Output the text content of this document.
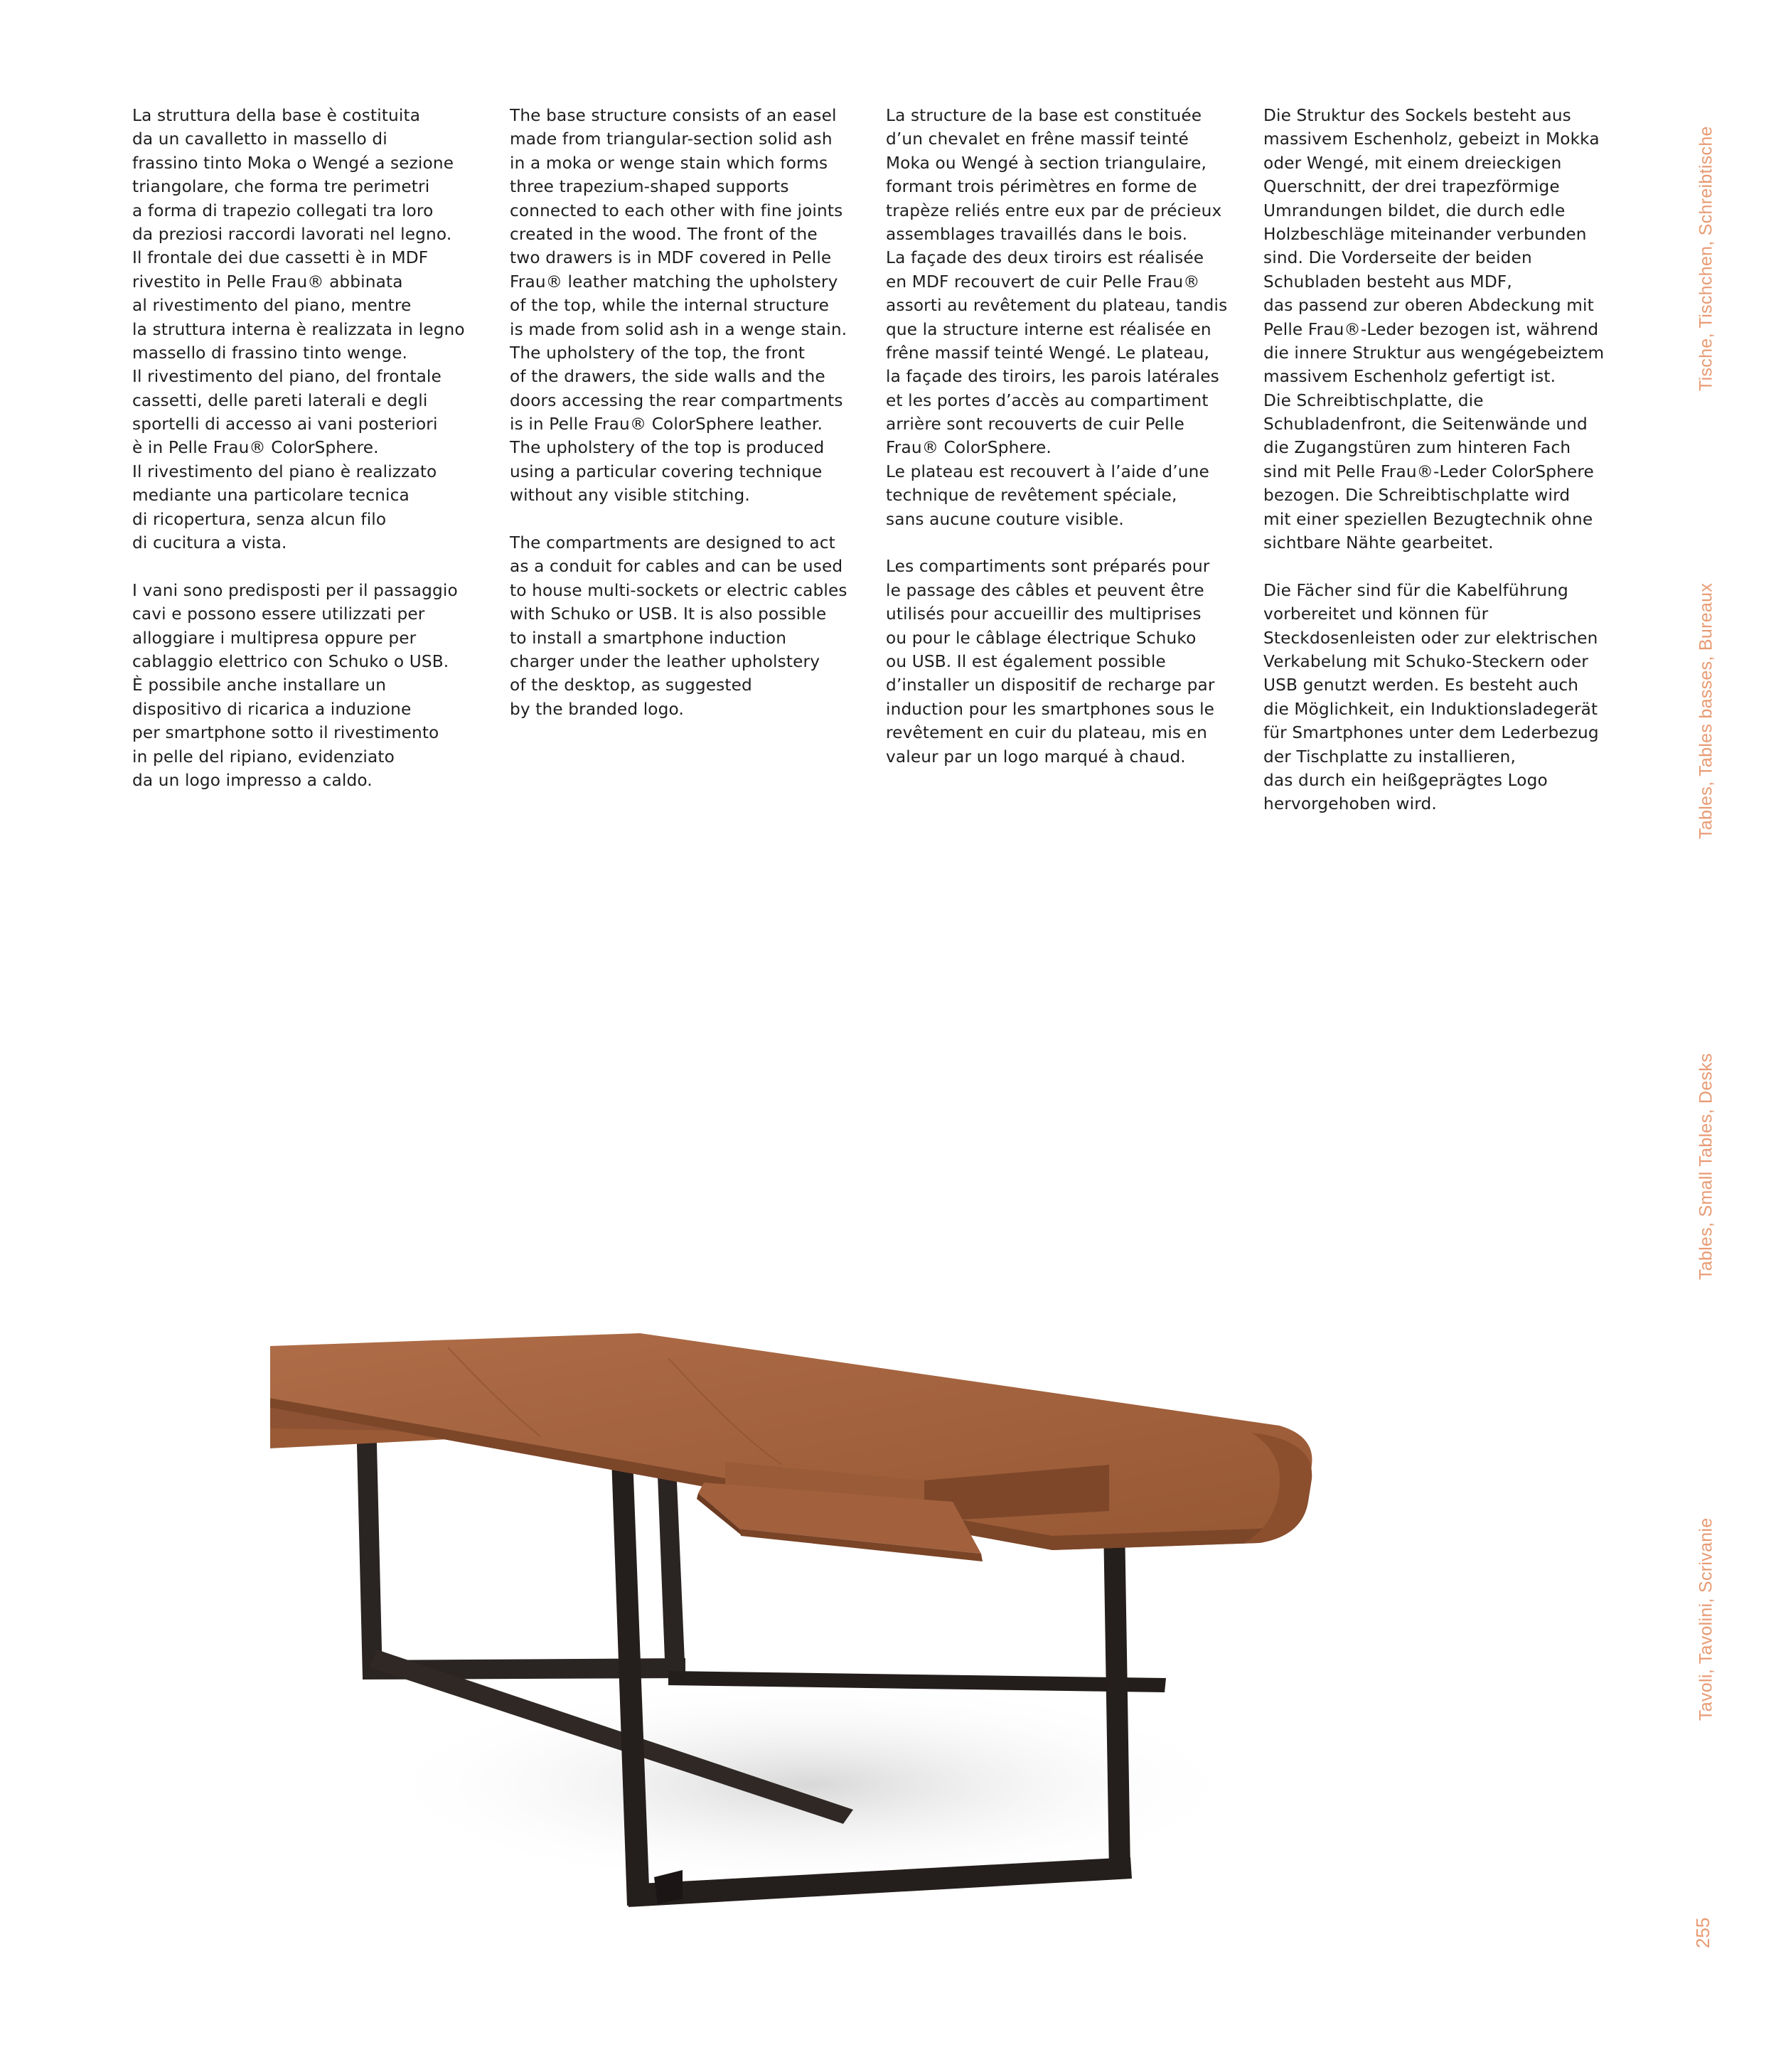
La struttura della base è costituita
da un cavalletto in massello di
frassino tinto Moka o Wengé a sezione
triangolare, che forma tre perimetri
a forma di trapezio collegati tra loro
da preziosi raccordi lavorati nel legno.
Il frontale dei due cassetti è in MDF
rivestito in Pelle Frau® abbinata
al rivestimento del piano, mentre
la struttura interna è realizzata in legno
massello di frassino tinto wenge.
Il rivestimento del piano, del frontale
cassetti, delle pareti laterali e degli
sportelli di accesso ai vani posteriori
è in Pelle Frau® ColorSphere.
Il rivestimento del piano è realizzato
mediante una particolare tecnica
di ricopertura, senza alcun filo
di cucitura a vista.
I vani sono predisposti per il passaggio
cavi e possono essere utilizzati per
alloggiare i multipresa oppure per
cablaggio elettrico con Schuko o USB.
È possibile anche installare un
dispositivo di ricarica a induzione
per smartphone sotto il rivestimento
in pelle del ripiano, evidenziato
da un logo impresso a caldo.
The base structure consists of an easel
made from triangular-section solid ash
in a moka or wenge stain which forms
three trapezium-shaped supports
connected to each other with fine joints
created in the wood. The front of the
two drawers is in MDF covered in Pelle
Frau® leather matching the upholstery
of the top, while the internal structure
is made from solid ash in a wenge stain.
The upholstery of the top, the front
of the drawers, the side walls and the
doors accessing the rear compartments
is in Pelle Frau® ColorSphere leather.
The upholstery of the top is produced
using a particular covering technique
without any visible stitching.
The compartments are designed to act
as a conduit for cables and can be used
to house multi-sockets or electric cables
with Schuko or USB. It is also possible
to install a smartphone induction
charger under the leather upholstery
of the desktop, as suggested
by the branded logo.
La structure de la base est constituée
d’un chevalet en frêne massif teinté
Moka ou Wengé à section triangulaire,
formant trois périmètres en forme de
trapèze reliés entre eux par de précieux
assemblages travaillés dans le bois.
La façade des deux tiroirs est réalisée
en MDF recouvert de cuir Pelle Frau®
assorti au revêtement du plateau, tandis
que la structure interne est réalisée en
frêne massif teinté Wengé. Le plateau,
la façade des tiroirs, les parois latérales
et les portes d’accès au compartiment
arrière sont recouverts de cuir Pelle
Frau® ColorSphere.
Le plateau est recouvert à l’aide d’une
technique de revêtement spéciale,
sans aucune couture visible.
Les compartiments sont préparés pour
le passage des câbles et peuvent être
utilisés pour accueillir des multiprises
ou pour le câblage électrique Schuko
ou USB. Il est également possible
d’installer un dispositif de recharge par
induction pour les smartphones sous le
revêtement en cuir du plateau, mis en
valeur par un logo marqué à chaud.
Die Struktur des Sockels besteht aus
massivem Eschenholz, gebeizt in Mokka
oder Wengé, mit einem dreieckigen
Querschnitt, der drei trapezförmige
Umrandungen bildet, die durch edle
Holzbeschläge miteinander verbunden
sind. Die Vorderseite der beiden
Schubladen besteht aus MDF,
das passend zur oberen Abdeckung mit
Pelle Frau®-Leder bezogen ist, während
die innere Struktur aus wengégebeiztem
massivem Eschenholz gefertigt ist.
Die Schreibtischplatte, die
Schubladenfront, die Seitenwände und
die Zugangstüren zum hinteren Fach
sind mit Pelle Frau®-Leder ColorSphere
bezogen. Die Schreibtischplatte wird
mit einer speziellen Bezugtechnik ohne
sichtbare Nähte gearbeitet.
Die Fächer sind für die Kabelführung
vorbereitet und können für
Steckdosenleisten oder zur elektrischen
Verkabelung mit Schuko-Steckern oder
USB genutzt werden. Es besteht auch
die Möglichkeit, ein Induktionsladegerät
für Smartphones unter dem Lederbezug
der Tischplatte zu installieren,
das durch ein heißgeprägtes Logo
hervorgehoben wird.
Tische, Tischchen, Schreibtische
Tables, Tables basses, Bureaux
Tables, Small Tables, Desks
Tavoli, Tavolini, Scrivanie
255
